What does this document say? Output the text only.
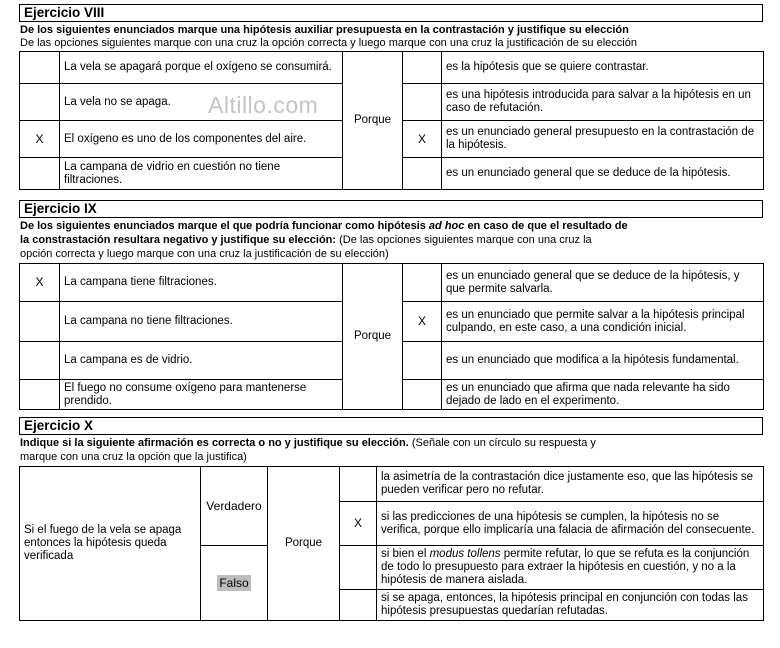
Ejercicio VIII
De los siguientes enunciados marque una hipótesis auxiliar presupuesta en la contrastación y justifique su elección
De las opciones siguientes marque con una cruz la opción correcta y luego marque con una cruz la justificación de su elección
	La vela se apagará porque el oxígeno se consumirá.	Porque		es la hipótesis que se quiere contrastar.
	La vela no se apaga.			es una hipótesis introducida para salvar a la hipótesis en un caso de refutación.
X	El oxígeno es uno de los componentes del aire.		X	es un enunciado general presupuesto en la contrastación de la hipótesis.
	La campana de vidrio en cuestión no tiene filtraciones.			es un enunciado general que se deduce de la hipótesis.
Altillo.com
Ejercicio IX
De los siguientes enunciados marque el que podría funcionar como hipótesis ad hoc en caso de que el resultado de
la constrastación resultara negativo y justifique su elección: (De las opciones siguientes marque con una cruz la
opción correcta y luego marque con una cruz la justificación de su elección)
X	La campana tiene filtraciones.	Porque		es un enunciado general que se deduce de la hipótesis, y que permite salvarla.
	La campana no tiene filtraciones.		X	es un enunciado que permite salvar a la hipótesis principal culpando, en este caso, a una condición inicial.
	La campana es de vidrio.			es un enunciado que modifica a la hipótesis fundamental.
	El fuego no consume oxígeno para mantenerse prendido.			es un enunciado que afirma que nada relevante ha sido dejado de lado en el experimento.
Ejercicio X
Indique si la siguiente afirmación es correcta o no y justifique su elección. (Señale con un círculo su respuesta y
marque con una cruz la opción que la justifica)
Si el fuego de la vela se apaga entonces la hipótesis queda verificada	Verdadero	Porque		la asimetría de la contrastación dice justamente eso, que las hipótesis se pueden verificar pero no refutar.
			X	si las predicciones de una hipótesis se cumplen, la hipótesis no se verifica, porque ello implicaría una falacia de afirmación del consecuente.
	Falso			si bien el modus tollens permite refutar, lo que se refuta es la conjunción de todo lo presupuesto para extraer la hipótesis en cuestión, y no a la hipótesis de manera aislada.
				si se apaga, entonces, la hipótesis principal en conjunción con todas las hipótesis presupuestas quedarían refutadas.
